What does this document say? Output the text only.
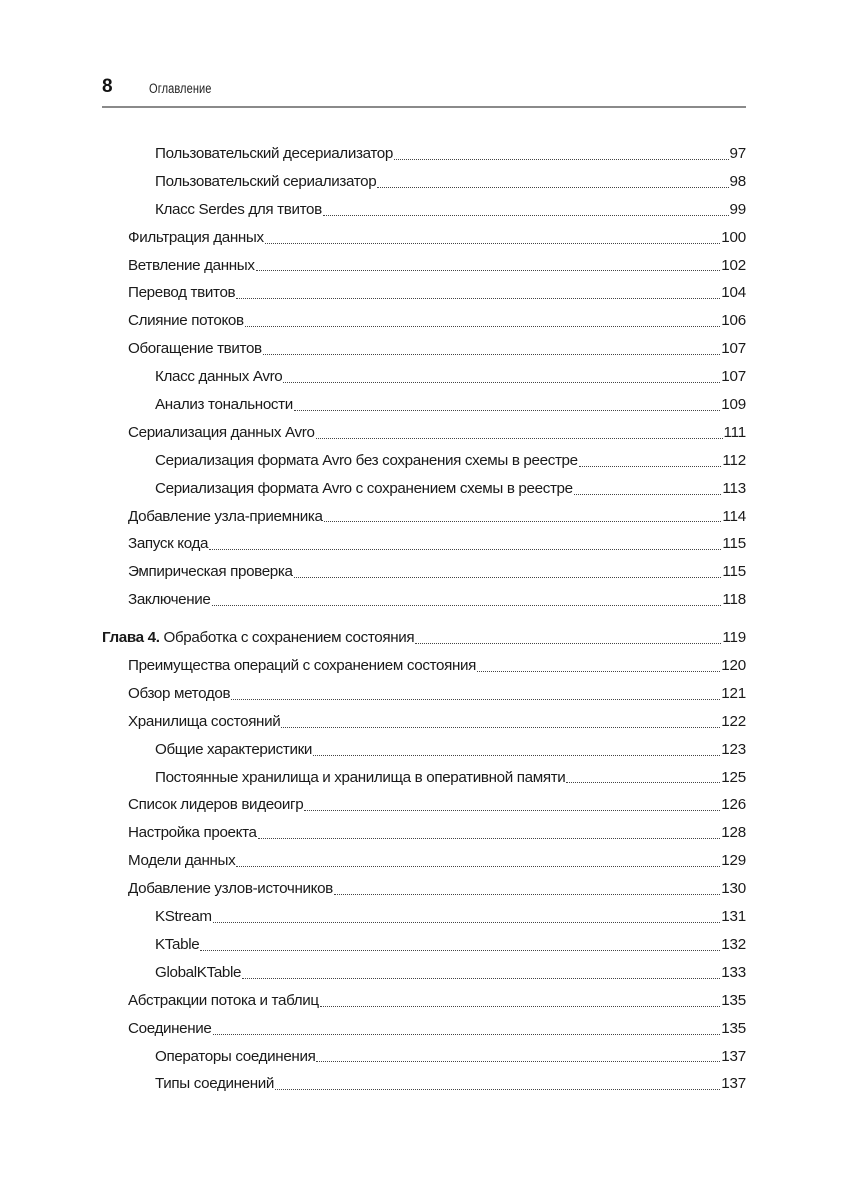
8	Оглавление
Пользовательский десериализатор	97
Пользовательский сериализатор	98
Класс Serdes для твитов	99
Фильтрация данных	100
Ветвление данных	102
Перевод твитов	104
Слияние потоков	106
Обогащение твитов	107
Класс данных Avro	107
Анализ тональности	109
Сериализация данных Avro	111
Сериализация формата Avro без сохранения схемы в реестре	112
Сериализация формата Avro с сохранением схемы в реестре	113
Добавление узла-приемника	114
Запуск кода	115
Эмпирическая проверка	115
Заключение	118
Глава 4. Обработка с сохранением состояния	119
Преимущества операций с сохранением состояния	120
Обзор методов	121
Хранилища состояний	122
Общие характеристики	123
Постоянные хранилища и хранилища в оперативной памяти	125
Список лидеров видеоигр	126
Настройка проекта	128
Модели данных	129
Добавление узлов-источников	130
KStream	131
KTable	132
GlobalKTable	133
Абстракции потока и таблиц	135
Соединение	135
Операторы соединения	137
Типы соединений	137
